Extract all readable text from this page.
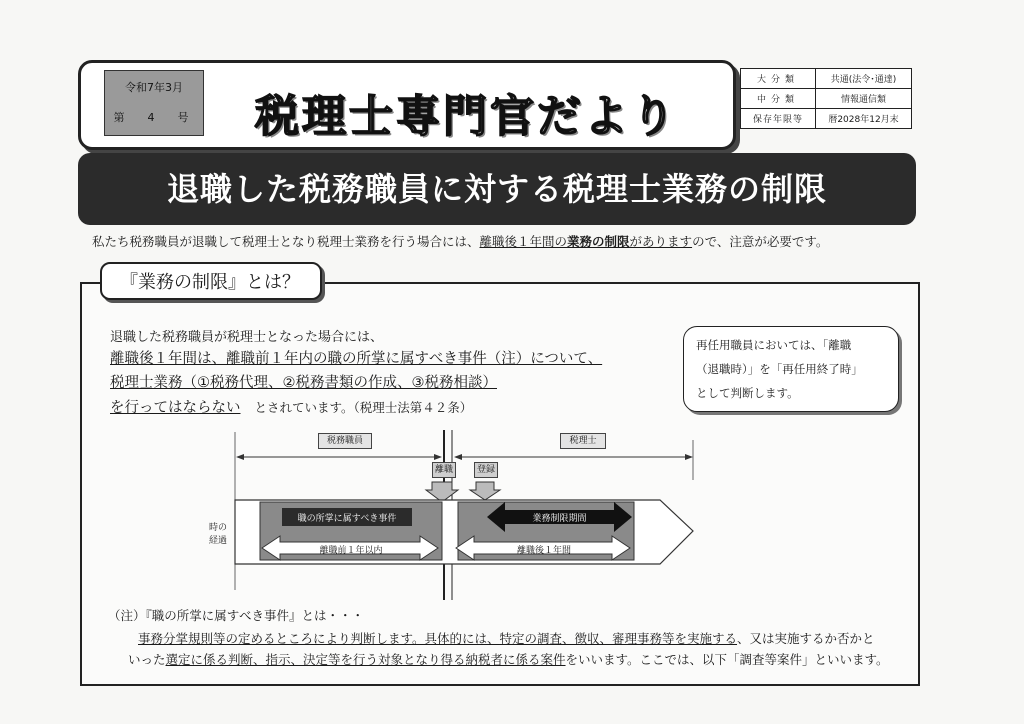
令和7年3月
第　4　号 税理士専門官だより
大分類	共通(法令･通達)
中分類	情報通信類
保存年限等	暦2028年12月末
退職した税務職員に対する税理士業務の制限
私たち税務職員が退職して税理士となり税理士業務を行う場合には、離職後１年間の業務の制限がありますので、注意が必要です。
『業務の制限』とは？
退職した税務職員が税理士となった場合には、
離職後１年間は、離職前１年内の職の所掌に属すべき事件（注）について、
税理士業務（①税務代理、②税務書類の作成、③税務相談）
を行ってはならない とされています。（税理士法第４２条）
再任用職員においては、「離職
（退職時）」を「再任用終了時」
として判断します。
税務職員	税理士
離職	登録
時の
経過
職の所掌に属すべき事件	業務制限期間
離職前１年以内	離職後１年間
（注）『職の所掌に属すべき事件』とは・・・
事務分掌規則等の定めるところにより判断します。具体的には、特定の調査、徴収、審理事務等を実施する、又は実施するか否かと
いった選定に係る判断、指示、決定等を行う対象となり得る納税者に係る案件をいいます。ここでは、以下「調査等案件」といいます。
